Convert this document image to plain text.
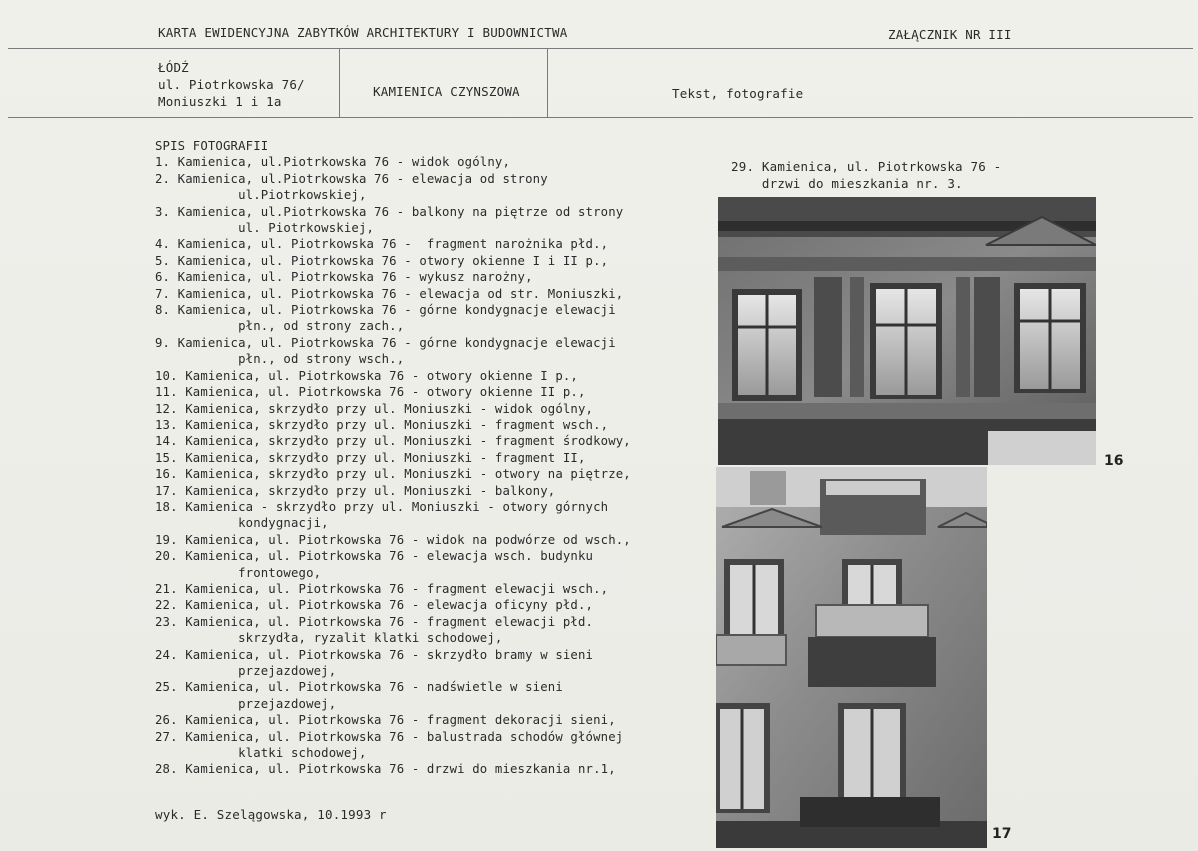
KARTA EWIDENCYJNA ZABYTKÓW ARCHITEKTURY I BUDOWNICTWA	ZAŁĄCZNIK NR III
ŁÓDŹ
ul. Piotrkowska 76/
Moniuszki 1 i 1a
KAMIENICA CZYNSZOWA	Tekst, fotografie
SPIS FOTOGRAFII
1. Kamienica, ul.Piotrkowska 76 - widok ogólny,
2. Kamienica, ul.Piotrkowska 76 - elewacja od strony
ul.Piotrkowskiej,
3. Kamienica, ul.Piotrkowska 76 - balkony na piętrze od strony
ul. Piotrkowskiej,
4. Kamienica, ul. Piotrkowska 76 -  fragment narożnika płd.,
5. Kamienica, ul. Piotrkowska 76 - otwory okienne I i II p.,
6. Kamienica, ul. Piotrkowska 76 - wykusz narożny,
7. Kamienica, ul. Piotrkowska 76 - elewacja od str. Moniuszki,
8. Kamienica, ul. Piotrkowska 76 - górne kondygnacje elewacji
płn., od strony zach.,
9. Kamienica, ul. Piotrkowska 76 - górne kondygnacje elewacji
płn., od strony wsch.,
10. Kamienica, ul. Piotrkowska 76 - otwory okienne I p.,
11. Kamienica, ul. Piotrkowska 76 - otwory okienne II p.,
12. Kamienica, skrzydło przy ul. Moniuszki - widok ogólny,
13. Kamienica, skrzydło przy ul. Moniuszki - fragment wsch.,
14. Kamienica, skrzydło przy ul. Moniuszki - fragment środkowy,
15. Kamienica, skrzydło przy ul. Moniuszki - fragment II,
16. Kamienica, skrzydło przy ul. Moniuszki - otwory na piętrze,
17. Kamienica, skrzydło przy ul. Moniuszki - balkony,
18. Kamienica - skrzydło przy ul. Moniuszki - otwory górnych
kondygnacji,
19. Kamienica, ul. Piotrkowska 76 - widok na podwórze od wsch.,
20. Kamienica, ul. Piotrkowska 76 - elewacja wsch. budynku
frontowego,
21. Kamienica, ul. Piotrkowska 76 - fragment elewacji wsch.,
22. Kamienica, ul. Piotrkowska 76 - elewacja oficyny płd.,
23. Kamienica, ul. Piotrkowska 76 - fragment elewacji płd.
skrzydła, ryzalit klatki schodowej,
24. Kamienica, ul. Piotrkowska 76 - skrzydło bramy w sieni
przejazdowej,
25. Kamienica, ul. Piotrkowska 76 - nadświetle w sieni
przejazdowej,
26. Kamienica, ul. Piotrkowska 76 - fragment dekoracji sieni,
27. Kamienica, ul. Piotrkowska 76 - balustrada schodów głównej
klatki schodowej,
28. Kamienica, ul. Piotrkowska 76 - drzwi do mieszkania nr.1,
29. Kamienica, ul. Piotrkowska 76 -
drzwi do mieszkania nr. 3.
16
17
wyk. E. Szelągowska, 10.1993 r
